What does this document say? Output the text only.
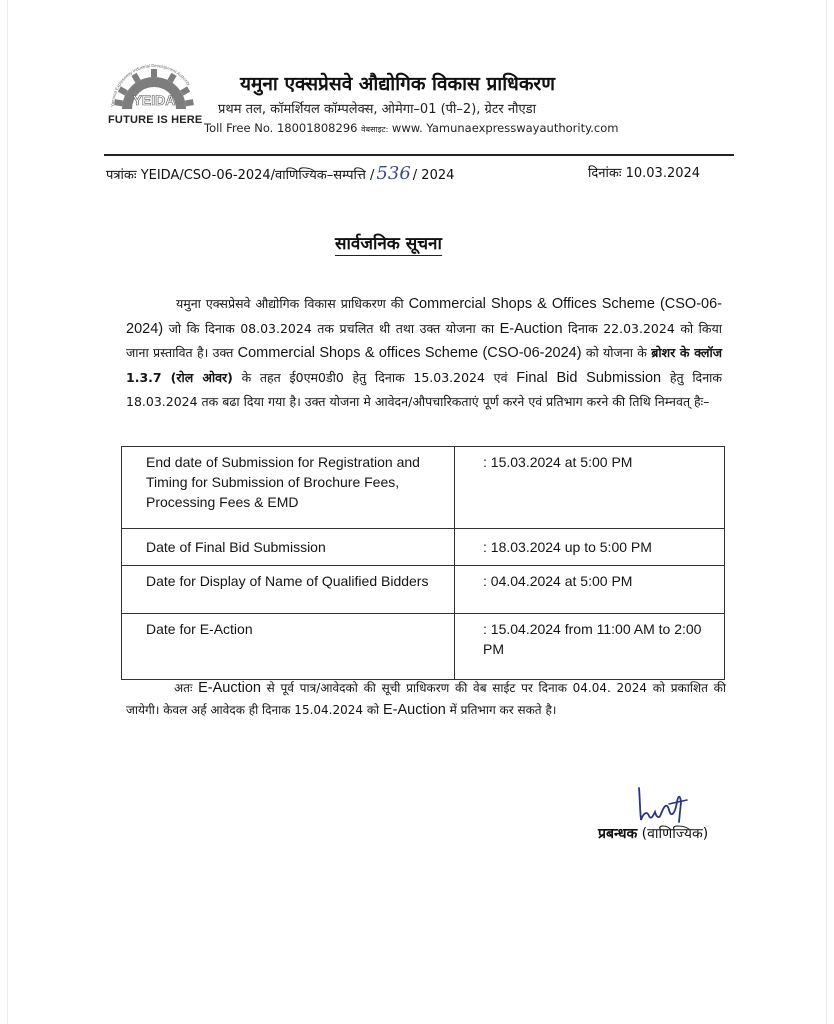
Yamuna Expressway Industrial Development Authority
YEIDA
FUTURE IS HERE
यमुना एक्सप्रेसवे औद्योगिक विकास प्राधिकरण
प्रथम तल, कॉमर्शियल कॉम्पलेक्स, ओमेगा–01 (पी–2), ग्रेटर नौएडा
Toll Free No. 18001808296 वेबसाइट: www. Yamunaexpresswayauthority.com
पत्रांकः YEIDA/CSO-06-2024/वाणिज्यिक–सम्पत्ति / 536 / 2024	दिनांकः 10.03.2024
सार्वजनिक सूचना
यमुना एक्सप्रेसवे औद्योगिक विकास प्राधिकरण की Commercial Shops & Offices Scheme (CSO-06-2024) जो कि दिनाक 08.03.2024 तक प्रचलित थी तथा उक्त योजना का E-Auction दिनाक 22.03.2024 को किया जाना प्रस्तावित है। उक्त Commercial Shops & offices Scheme (CSO-06-2024) को योजना के ब्रोशर के क्लॉज 1.3.7 (रोल ओवर) के तहत ई0एम0डी0 हेतु दिनाक 15.03.2024 एवं Final Bid Submission हेतु दिनाक 18.03.2024 तक बढा दिया गया है। उक्त योजना मे आवेदन/औपचारिकताएं पूर्ण करने एवं प्रतिभाग करने की तिथि निम्नवत् हैः–
End date of Submission for Registration and Timing for Submission of Brochure Fees, Processing Fees & EMD	: 15.03.2024 at 5:00 PM
Date of Final Bid Submission	: 18.03.2024 up to 5:00 PM
Date for Display of Name of Qualified Bidders	: 04.04.2024 at 5:00 PM
Date for E-Action	: 15.04.2024 from 11:00 AM to 2:00 PM
अतः E-Auction से पूर्व पात्र/आवेदको की सूची प्राधिकरण की वेब साईट पर दिनाक 04.04. 2024 को प्रकाशित की जायेगी। केवल अर्ह आवेदक ही दिनाक 15.04.2024 को E-Auction में प्रतिभाग कर सकते है।
प्रबन्धक (वाणिज्यिक)
